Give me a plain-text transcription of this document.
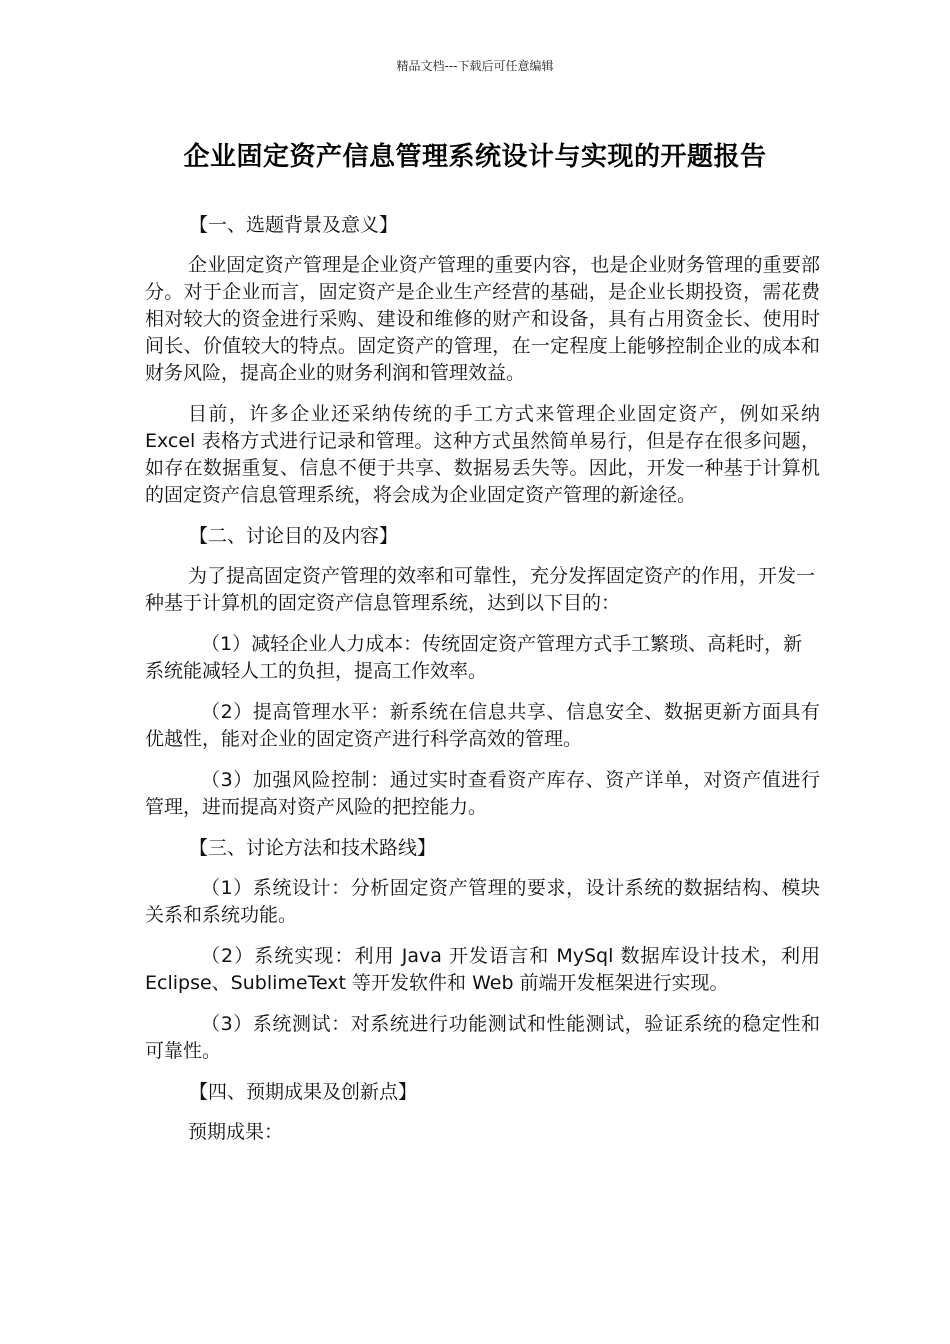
精品文档---下载后可任意编辑
企业固定资产信息管理系统设计与实现的开题报告
【一、选题背景及意义】

企业固定资产管理是企业资产管理的重要内容，也是企业财务管理的重要部分。对于企业而言，固定资产是企业生产经营的基础，是企业长期投资，需花费相对较大的资金进行采购、建设和维修的财产和设备，具有占用资金长、使用时间长、价值较大的特点。固定资产的管理，在一定程度上能够控制企业的成本和财务风险，提高企业的财务利润和管理效益。

目前，许多企业还采纳传统的手工方式来管理企业固定资产，例如采纳 Excel 表格方式进行记录和管理。这种方式虽然简单易行，但是存在很多问题，如存在数据重复、信息不便于共享、数据易丢失等。因此，开发一种基于计算机的固定资产信息管理系统，将会成为企业固定资产管理的新途径。

【二、讨论目的及内容】

为了提高固定资产管理的效率和可靠性，充分发挥固定资产的作用，开发一种基于计算机的固定资产信息管理系统，达到以下目的：

（1）减轻企业人力成本：传统固定资产管理方式手工繁琐、高耗时，新系统能减轻人工的负担，提高工作效率。

（2）提高管理水平：新系统在信息共享、信息安全、数据更新方面具有优越性，能对企业的固定资产进行科学高效的管理。

（3）加强风险控制：通过实时查看资产库存、资产详单，对资产值进行管理，进而提高对资产风险的把控能力。

【三、讨论方法和技术路线】

（1）系统设计：分析固定资产管理的要求，设计系统的数据结构、模块关系和系统功能。

（2）系统实现：利用 Java 开发语言和 MySql 数据库设计技术，利用 Eclipse、SublimeText 等开发软件和 Web 前端开发框架进行实现。

（3）系统测试：对系统进行功能测试和性能测试，验证系统的稳定性和可靠性。

【四、预期成果及创新点】

预期成果：
